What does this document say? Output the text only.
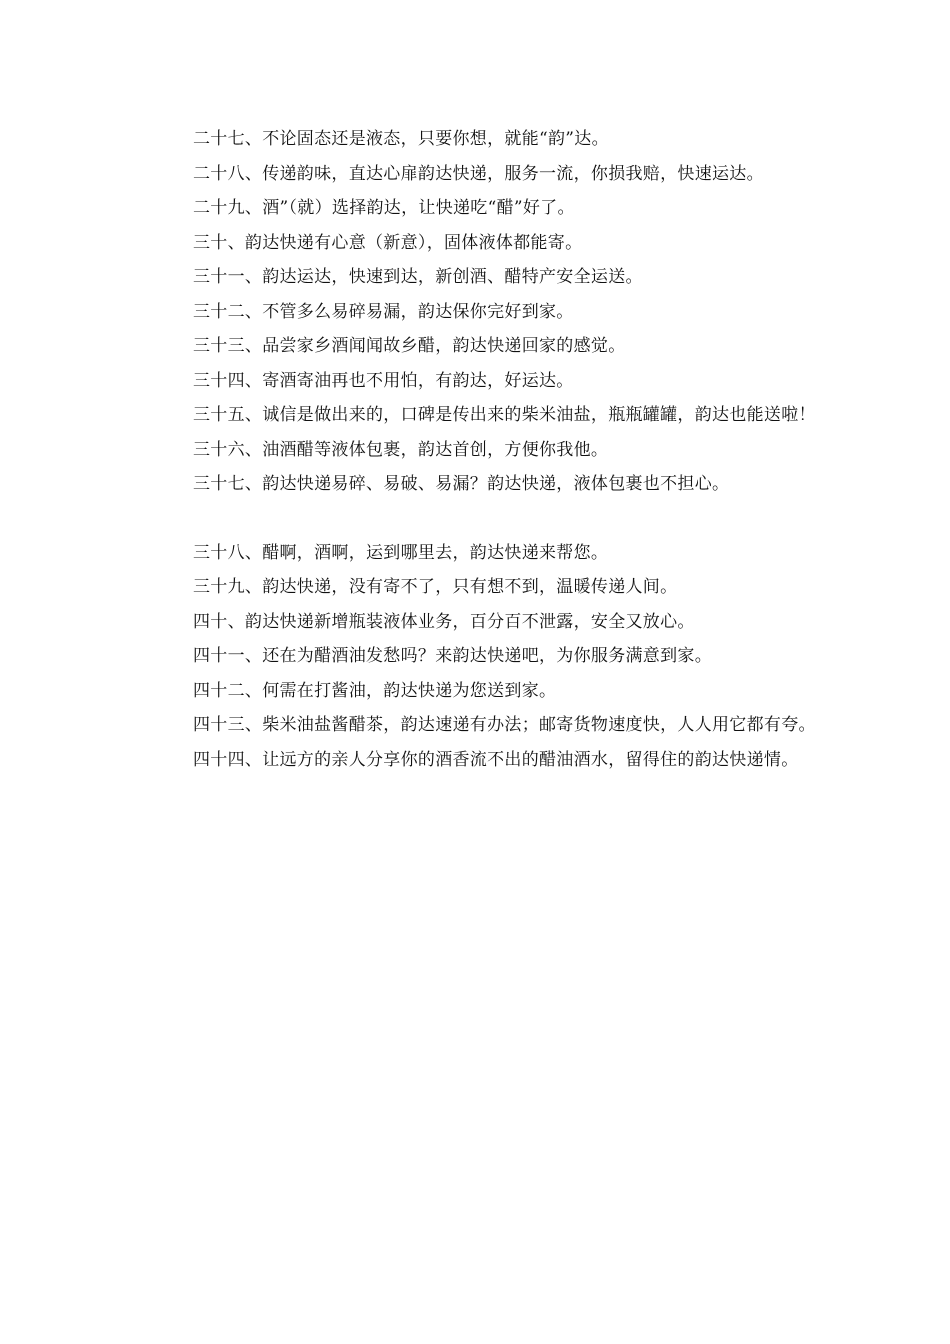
二十七、不论固态还是液态，只要你想，就能“韵”达。

二十八、传递韵味，直达心扉韵达快递，服务一流，你损我赔，快速运达。

二十九、酒”（就）选择韵达，让快递吃“醋”好了。

三十、韵达快递有心意（新意），固体液体都能寄。

三十一、韵达运达，快速到达，新创酒、醋特产安全运送。

三十二、不管多么易碎易漏，韵达保你完好到家。

三十三、品尝家乡酒闻闻故乡醋，韵达快递回家的感觉。

三十四、寄酒寄油再也不用怕，有韵达，好运达。

三十五、诚信是做出来的，口碑是传出来的柴米油盐，瓶瓶罐罐，韵达也能送啦！

三十六、油酒醋等液体包裹，韵达首创，方便你我他。

三十七、韵达快递易碎、易破、易漏？韵达快递，液体包裹也不担心。

三十八、醋啊，酒啊，运到哪里去，韵达快递来帮您。

三十九、韵达快递，没有寄不了，只有想不到，温暖传递人间。

四十、韵达快递新增瓶装液体业务，百分百不泄露，安全又放心。

四十一、还在为醋酒油发愁吗？来韵达快递吧，为你服务满意到家。

四十二、何需在打酱油，韵达快递为您送到家。

四十三、柴米油盐酱醋茶，韵达速递有办法；邮寄货物速度快，人人用它都有夸。

四十四、让远方的亲人分享你的酒香流不出的醋油酒水，留得住的韵达快递情。
